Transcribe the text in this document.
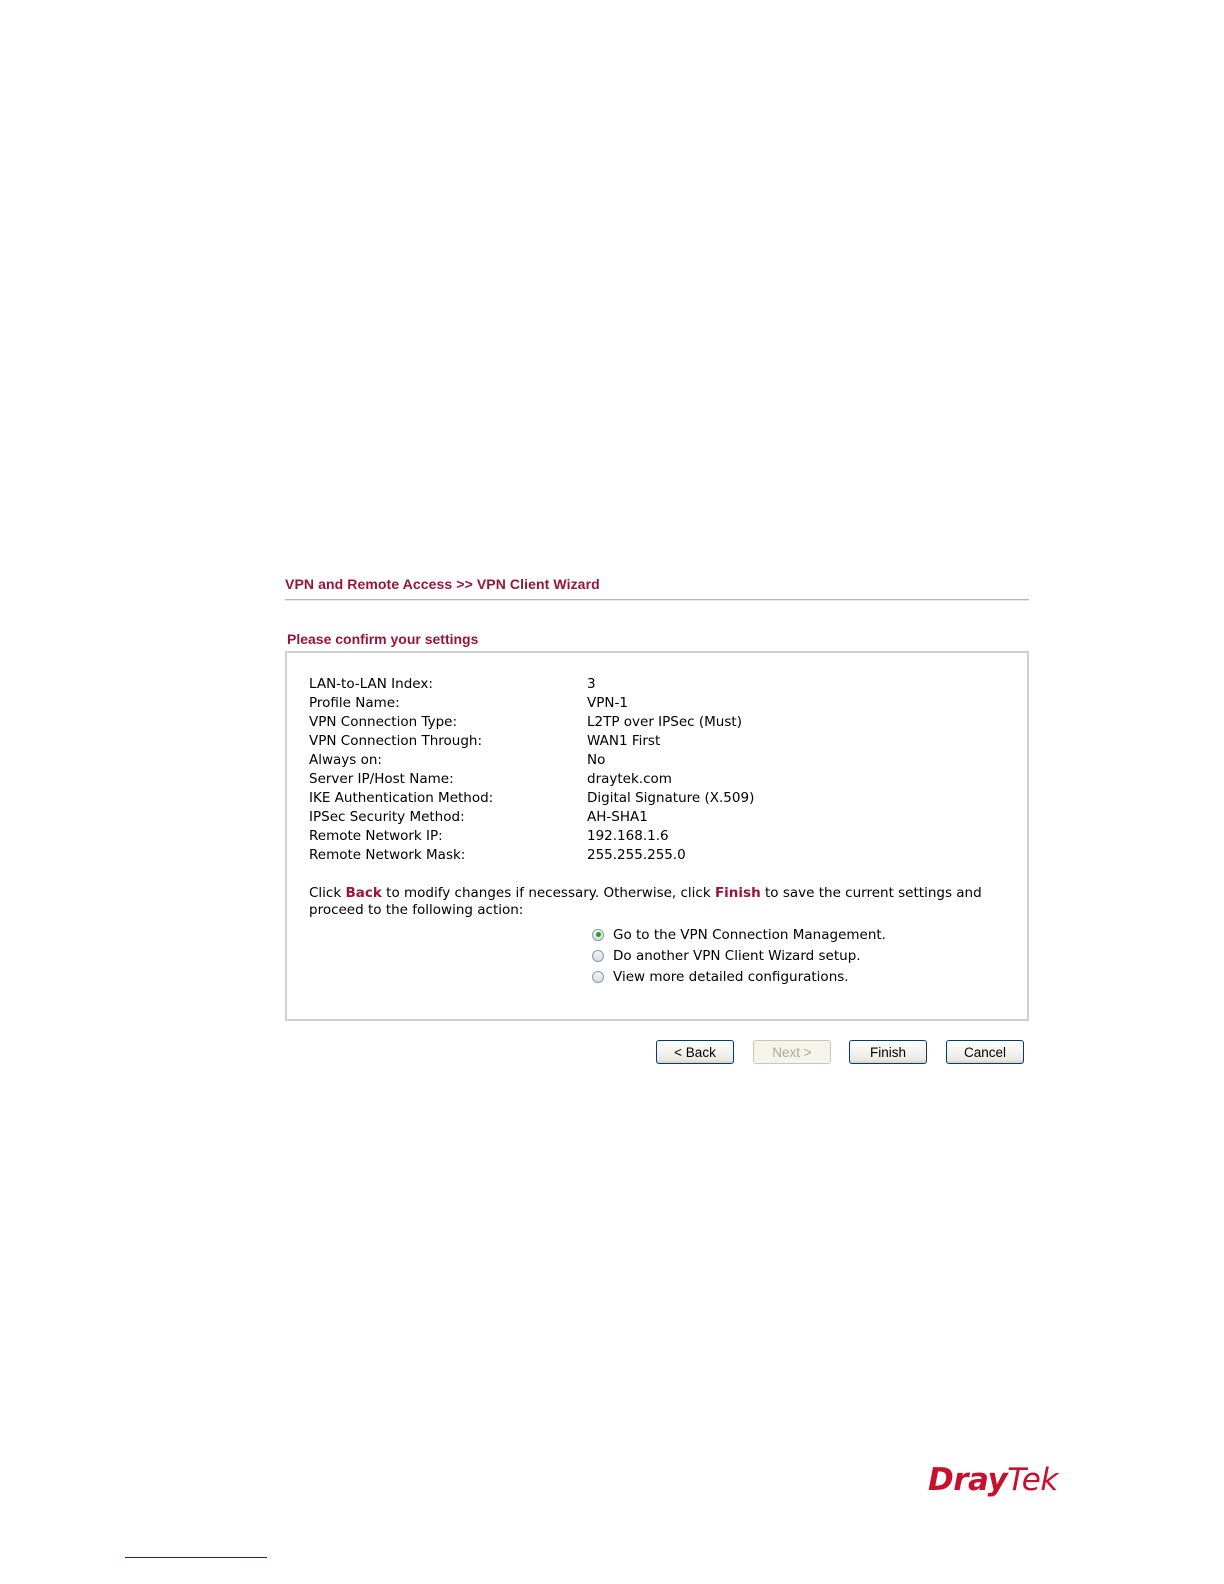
VPN and Remote Access >> VPN Client Wizard
Please confirm your settings
LAN-to-LAN Index:	3
Profile Name:	VPN-1
VPN Connection Type:	L2TP over IPSec (Must)
VPN Connection Through:	WAN1 First
Always on:	No
Server IP/Host Name:	draytek.com
IKE Authentication Method:	Digital Signature (X.509)
IPSec Security Method:	AH-SHA1
Remote Network IP:	192.168.1.6
Remote Network Mask:	255.255.255.0
Click Back to modify changes if necessary. Otherwise, click Finish to save the current settings and proceed to the following action:
Go to the VPN Connection Management.
Do another VPN Client Wizard setup.
View more detailed configurations.
< Back	Next >	Finish	Cancel
DrayTek
